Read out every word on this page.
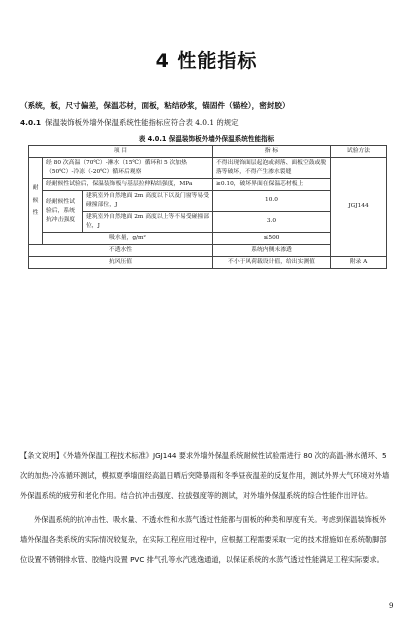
4 性能指标
（系统，板，尺寸偏差，保温芯材，面板，粘结砂浆，锚固件（锚栓），密封胶）
4.0.1 保温装饰板外墙外保温系统性能指标应符合表 4.0.1 的规定
表 4.0.1 保温装饰板外墙外保温系统性能指标
项 目			指 标	试验方法
耐
候
性	经 80 次高温（70℃）-淋水（15℃）循环和 5 次加热（50℃）-冷冻（-20℃）循环后观察		不得出现饰面层起泡或剥落、面板空鼓或脱落等破坏，不得产生渗水裂缝	JGJ144
	经耐候性试验后，保温装饰板与基层拉伸粘结强度，MPa		≥0.10，破坏界面在保温芯材板上	
	经耐候性试验后，系统抗冲击强度	建筑室外自然地面 2m 高度以下以及门窗等易受碰撞部位，J	10.0	
		建筑室外自然地面 2m 高度以上等不易受碰撞部位，J	3.0	
	吸水量，g/m²		≤500	
不透水性			系统内侧未渗透	
抗风压值			不小于风荷载设计值，给出实测值	附录 A
【条文说明】《外墙外保温工程技术标准》JGJ144 要求外墙外保温系统耐候性试验需进行 80 次的高温-淋水循环、5 次的加热-冷冻循环测试，模拟夏季墙面经高温日晒后突降暴雨和冬季昼夜温差的反复作用，测试外界大气环境对外墙外保温系统的疲劳和老化作用。结合抗冲击强度、拉拔强度等的测试，对外墙外保温系统的综合性能作出评估。
外保温系统的抗冲击性、吸水量、不透水性和水蒸气透过性能都与面板的种类和厚度有关。考虑到保温装饰板外墙外保温各类系统的实际情况较复杂，在实际工程应用过程中，应根据工程需要采取一定的技术措施如在系统勒脚部位设置不锈钢排水管、胶缝内设置 PVC 排气孔等水汽逃逸通道，以保证系统的水蒸气透过性能满足工程实际要求。
9
